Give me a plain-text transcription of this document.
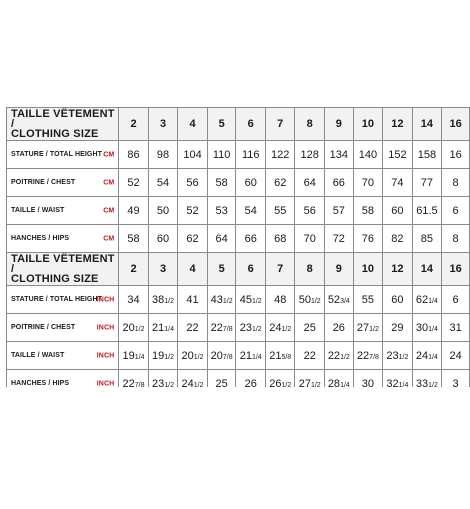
TAILLE VÊTEMENT /
CLOTHING SIZE	2	3	4	5	6	7	8	9	10	12	14	16
STATURE / TOTAL HEIGHT CM	86	98	104	110	116	122	128	134	140	152	158	16
POITRINE / CHEST CM	52	54	56	58	60	62	64	66	70	74	77	8
TAILLE / WAIST CM	49	50	52	53	54	55	56	57	58	60	61.5	6
HANCHES / HIPS CM	58	60	62	64	66	68	70	72	76	82	85	8

TAILLE VÊTEMENT /
CLOTHING SIZE	2	3	4	5	6	7	8	9	10	12	14	16
STATURE / TOTAL HEIGHT
INCH	34	381/2	41	431/2	451/2	48	501/2	523/4	55	60	621/4	6
POITRINE / CHEST INCH	201/2	211/4	22	227/8	231/2	241/2	25	26	271/2	29	301/4	31
TAILLE / WAIST INCH	191/4	191/2	201/2	207/8	211/4	215/8	22	221/2	227/8	231/2	241/4	24
HANCHES / HIPS INCH	227/8	231/2	241/2	25	26	261/2	271/2	281/4	30	321/4	331/2	3
